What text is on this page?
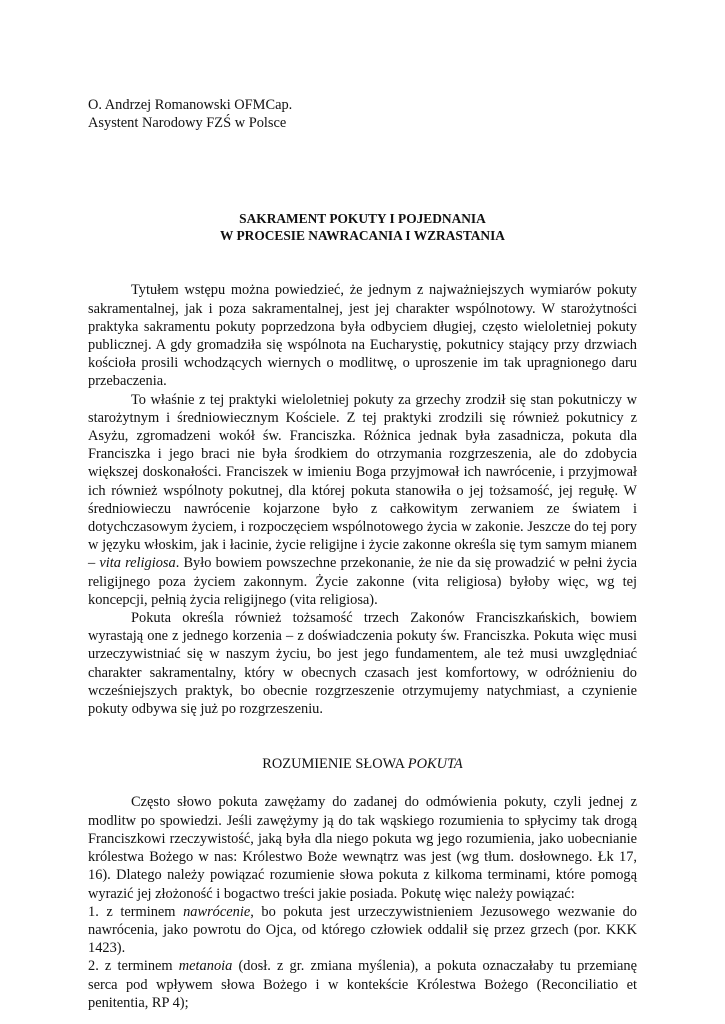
O. Andrzej Romanowski OFMCap.
Asystent Narodowy FZŚ w Polsce
SAKRAMENT POKUTY I POJEDNANIA
W PROCESIE NAWRACANIA I WZRASTANIA

Tytułem wstępu można powiedzieć, że jednym z najważniejszych wymiarów pokuty sakramentalnej, jak i poza sakramentalnej, jest jej charakter wspólnotowy. W starożytności praktyka sakramentu pokuty poprzedzona była odbyciem długiej, często wieloletniej pokuty publicznej. A gdy gromadziła się wspólnota na Eucharystię, pokutnicy stający przy drzwiach kościoła prosili wchodzących wiernych o modlitwę, o uproszenie im tak upragnionego daru przebaczenia.

To właśnie z tej praktyki wieloletniej pokuty za grzechy zrodził się stan pokutniczy w starożytnym i średniowiecznym Kościele. Z tej praktyki zrodzili się również pokutnicy z Asyżu, zgromadzeni wokół św. Franciszka. Różnica jednak była zasadnicza, pokuta dla Franciszka i jego braci nie była środkiem do otrzymania rozgrzeszenia, ale do zdobycia większej doskonałości. Franciszek w imieniu Boga przyjmował ich nawrócenie, i przyjmował ich również wspólnoty pokutnej, dla której pokuta stanowiła o jej tożsamość, jej regułę. W średniowieczu nawrócenie kojarzone było z całkowitym zerwaniem ze światem i dotychczasowym życiem, i rozpoczęciem wspólnotowego życia w zakonie. Jeszcze do tej pory w języku włoskim, jak i łacinie, życie religijne i życie zakonne określa się tym samym mianem – vita religiosa. Było bowiem powszechne przekonanie, że nie da się prowadzić w pełni życia religijnego poza życiem zakonnym. Życie zakonne (vita religiosa) byłoby więc, wg tej koncepcji, pełnią życia religijnego (vita religiosa).

Pokuta określa również tożsamość trzech Zakonów Franciszkańskich, bowiem wyrastają one z jednego korzenia – z doświadczenia pokuty św. Franciszka. Pokuta więc musi urzeczywistniać się w naszym życiu, bo jest jego fundamentem, ale też musi uwzględniać charakter sakramentalny, który w obecnych czasach jest komfortowy, w odróżnieniu do wcześniejszych praktyk, bo obecnie rozgrzeszenie otrzymujemy natychmiast, a czynienie pokuty odbywa się już po rozgrzeszeniu.

ROZUMIENIE SŁOWA POKUTA

Często słowo pokuta zawężamy do zadanej do odmówienia pokuty, czyli jednej z modlitw po spowiedzi. Jeśli zawężymy ją do tak wąskiego rozumienia to spłycimy tak drogą Franciszkowi rzeczywistość, jaką była dla niego pokuta wg jego rozumienia, jako uobecnianie królestwa Bożego w nas: Królestwo Boże wewnątrz was jest (wg tłum. dosłownego. Łk 17, 16). Dlatego należy powiązać rozumienie słowa pokuta z kilkoma terminami, które pomogą wyrazić jej złożoność i bogactwo treści jakie posiada. Pokutę więc należy powiązać:

1. z terminem nawrócenie, bo pokuta jest urzeczywistnieniem Jezusowego wezwanie do nawrócenia, jako powrotu do Ojca, od którego człowiek oddalił się przez grzech (por. KKK 1423).

2. z terminem metanoia (dosł. z gr. zmiana myślenia), a pokuta oznaczałaby tu przemianę serca pod wpływem słowa Bożego i w kontekście Królestwa Bożego (Reconciliatio et penitentia, RP 4);
